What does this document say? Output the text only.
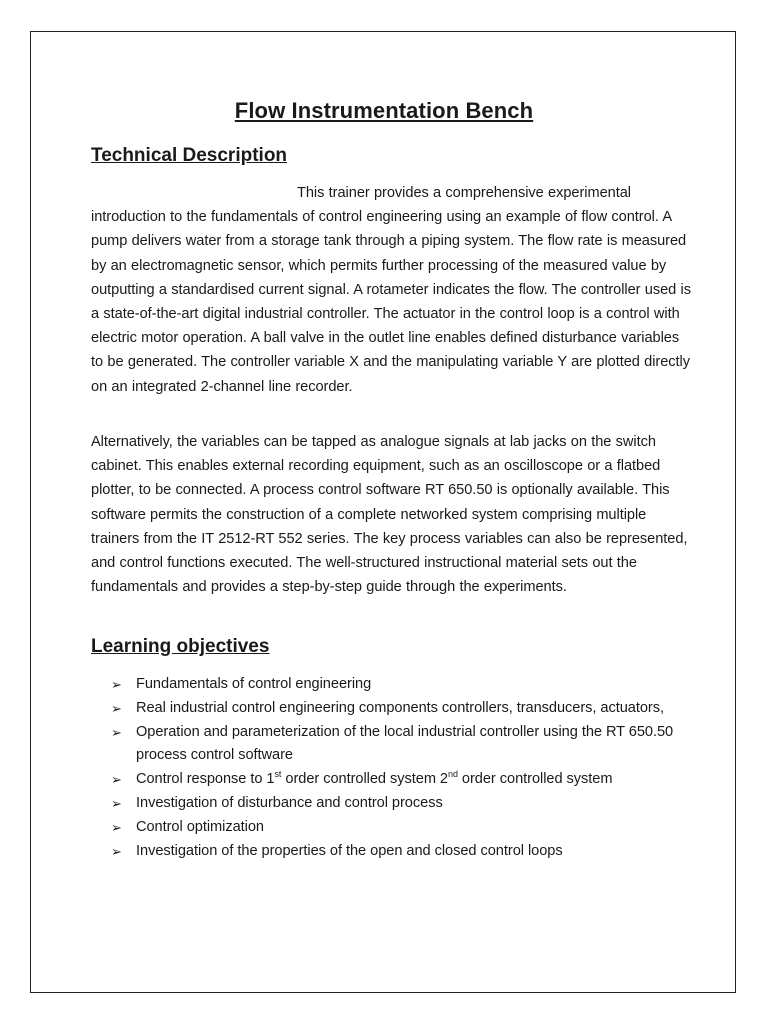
Flow Instrumentation Bench
Technical Description

This trainer provides a comprehensive experimental introduction to the fundamentals of control engineering using an example of flow control. A pump delivers water from a storage tank through a piping system. The flow rate is measured by an electromagnetic sensor, which permits further processing of the measured value by outputting a standardised current signal. A rotameter indicates the flow. The controller used is a state-of-the-art digital industrial controller. The actuator in the control loop is a control with electric motor operation. A ball valve in the outlet line enables defined disturbance variables to be generated. The controller variable X and the manipulating variable Y are plotted directly on an integrated 2-channel line recorder.

Alternatively, the variables can be tapped as analogue signals at lab jacks on the switch cabinet. This enables external recording equipment, such as an oscilloscope or a flatbed plotter, to be connected. A process control software RT 650.50 is optionally available. This software permits the construction of a complete networked system comprising multiple trainers from the IT 2512-RT 552 series. The key process variables can also be represented, and control functions executed. The well-structured instructional material sets out the fundamentals and provides a step-by-step guide through the experiments.

Learning objectives
➢ Fundamentals of control engineering
➢ Real industrial control engineering components controllers, transducers, actuators,
➢ Operation and parameterization of the local industrial controller using the RT 650.50 process control software
➢ Control response to 1st order controlled system 2nd order controlled system
➢ Investigation of disturbance and control process
➢ Control optimization
➢ Investigation of the properties of the open and closed control loops
